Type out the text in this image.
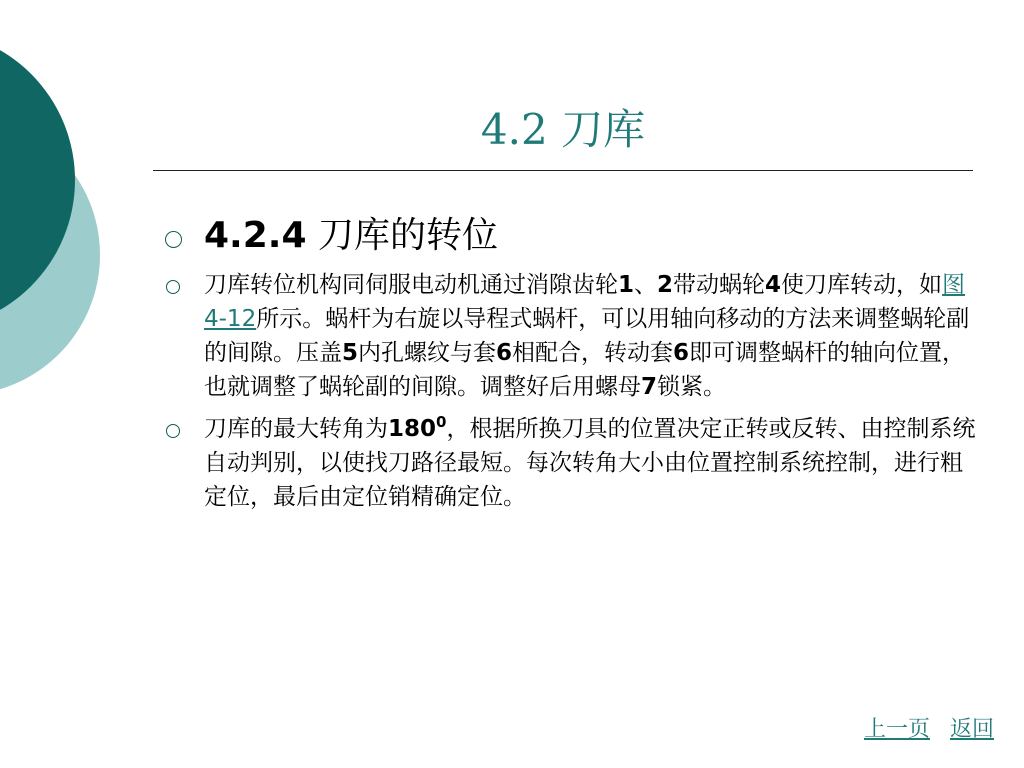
4.2 刀库
4.2.4 刀库的转位
刀库转位机构同伺服电动机通过消隙齿轮1、2带动蜗轮4使刀库转动，如图4-12所示。蜗杆为右旋以导程式蜗杆，可以用轴向移动的方法来调整蜗轮副的间隙。压盖5内孔螺纹与套6相配合，转动套6即可调整蜗杆的轴向位置，也就调整了蜗轮副的间隙。调整好后用螺母7锁紧。
刀库的最大转角为$180^0$，根据所换刀具的位置决定正转或反转、由控制系统自动判别，以使找刀路径最短。每次转角大小由位置控制系统控制，进行粗定位，最后由定位销精确定位。
上一页 返回
